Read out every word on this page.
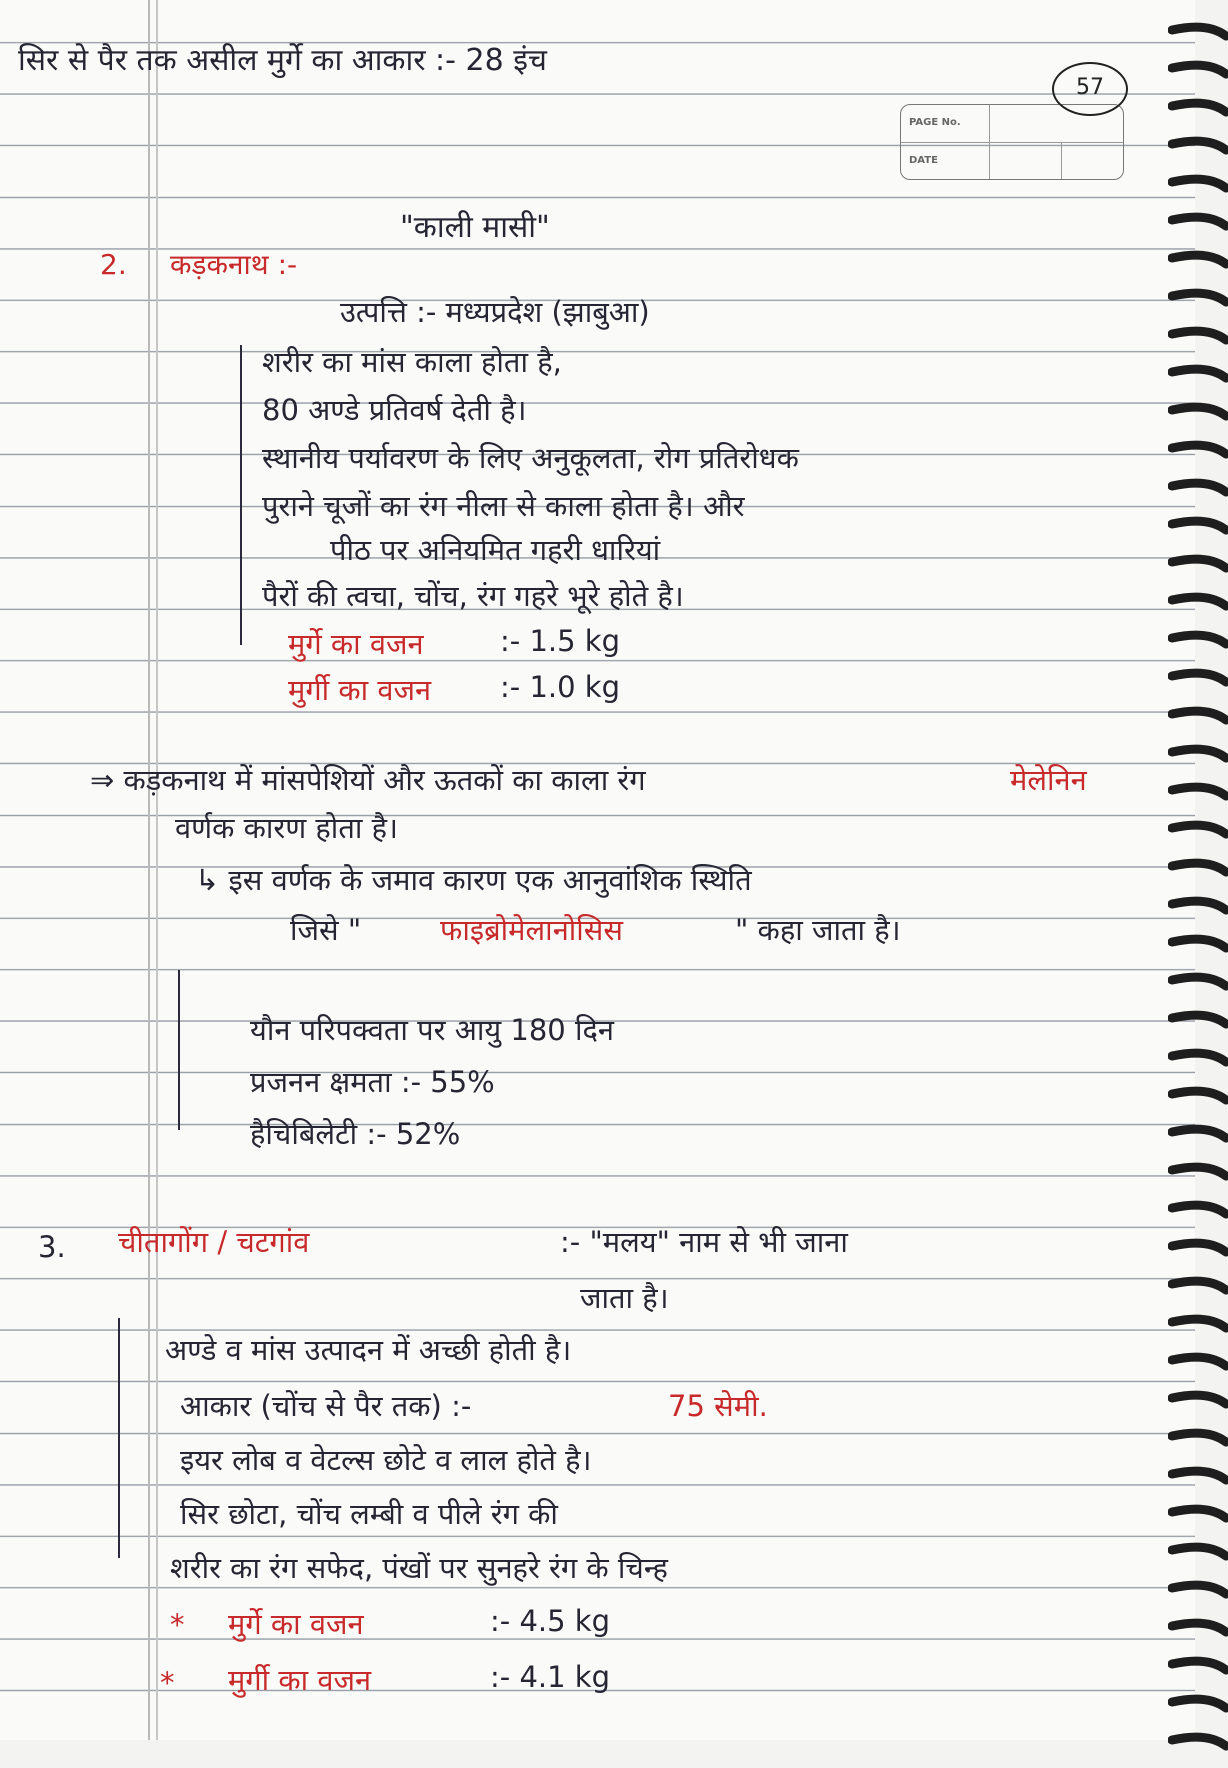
PAGE No.
DATE
57
सिर से पैर तक असील मुर्गे का आकार :- 28 इंच
"काली मासी"
2. कड़कनाथ :-
उत्पत्ति :- मध्यप्रदेश (झाबुआ)
शरीर का मांस काला होता है,
80 अण्डे प्रतिवर्ष देती है।
स्थानीय पर्यावरण के लिए अनुकूलता, रोग प्रतिरोधक
पुराने चूजों का रंग नीला से काला होता है। और
पीठ पर अनियमित गहरी धारियां
पैरों की त्वचा, चोंच, रंग गहरे भूरे होते है।
मुर्गे का वजन	:- 1.5 kg
मुर्गी का वजन :- 1.0 kg
⇒ कड़कनाथ में मांसपेशियों और ऊतकों का काला रंग	मेलेनिन
वर्णक कारण होता है।
↳ इस वर्णक के जमाव कारण एक आनुवांशिक स्थिति
जिसे "	फाइब्रोमेलानोसिस	" कहा जाता है।
यौन परिपक्वता पर आयु 180 दिन
प्रजनन क्षमता :- 55%
हैचिबिलेटी :- 52%
3. चीतागोंग / चटगांव	:- "मलय" नाम से भी जाना
जाता है।
अण्डे व मांस उत्पादन में अच्छी होती है।
आकार (चोंच से पैर तक) :-	75 सेमी.
इयर लोब व वेटल्स छोटे व लाल होते है।
सिर छोटा, चोंच लम्बी व पीले रंग की
शरीर का रंग सफेद, पंखों पर सुनहरे रंग के चिन्ह
* मुर्गे का वजन	:- 4.5 kg
* मुर्गी का वजन	:- 4.1 kg
